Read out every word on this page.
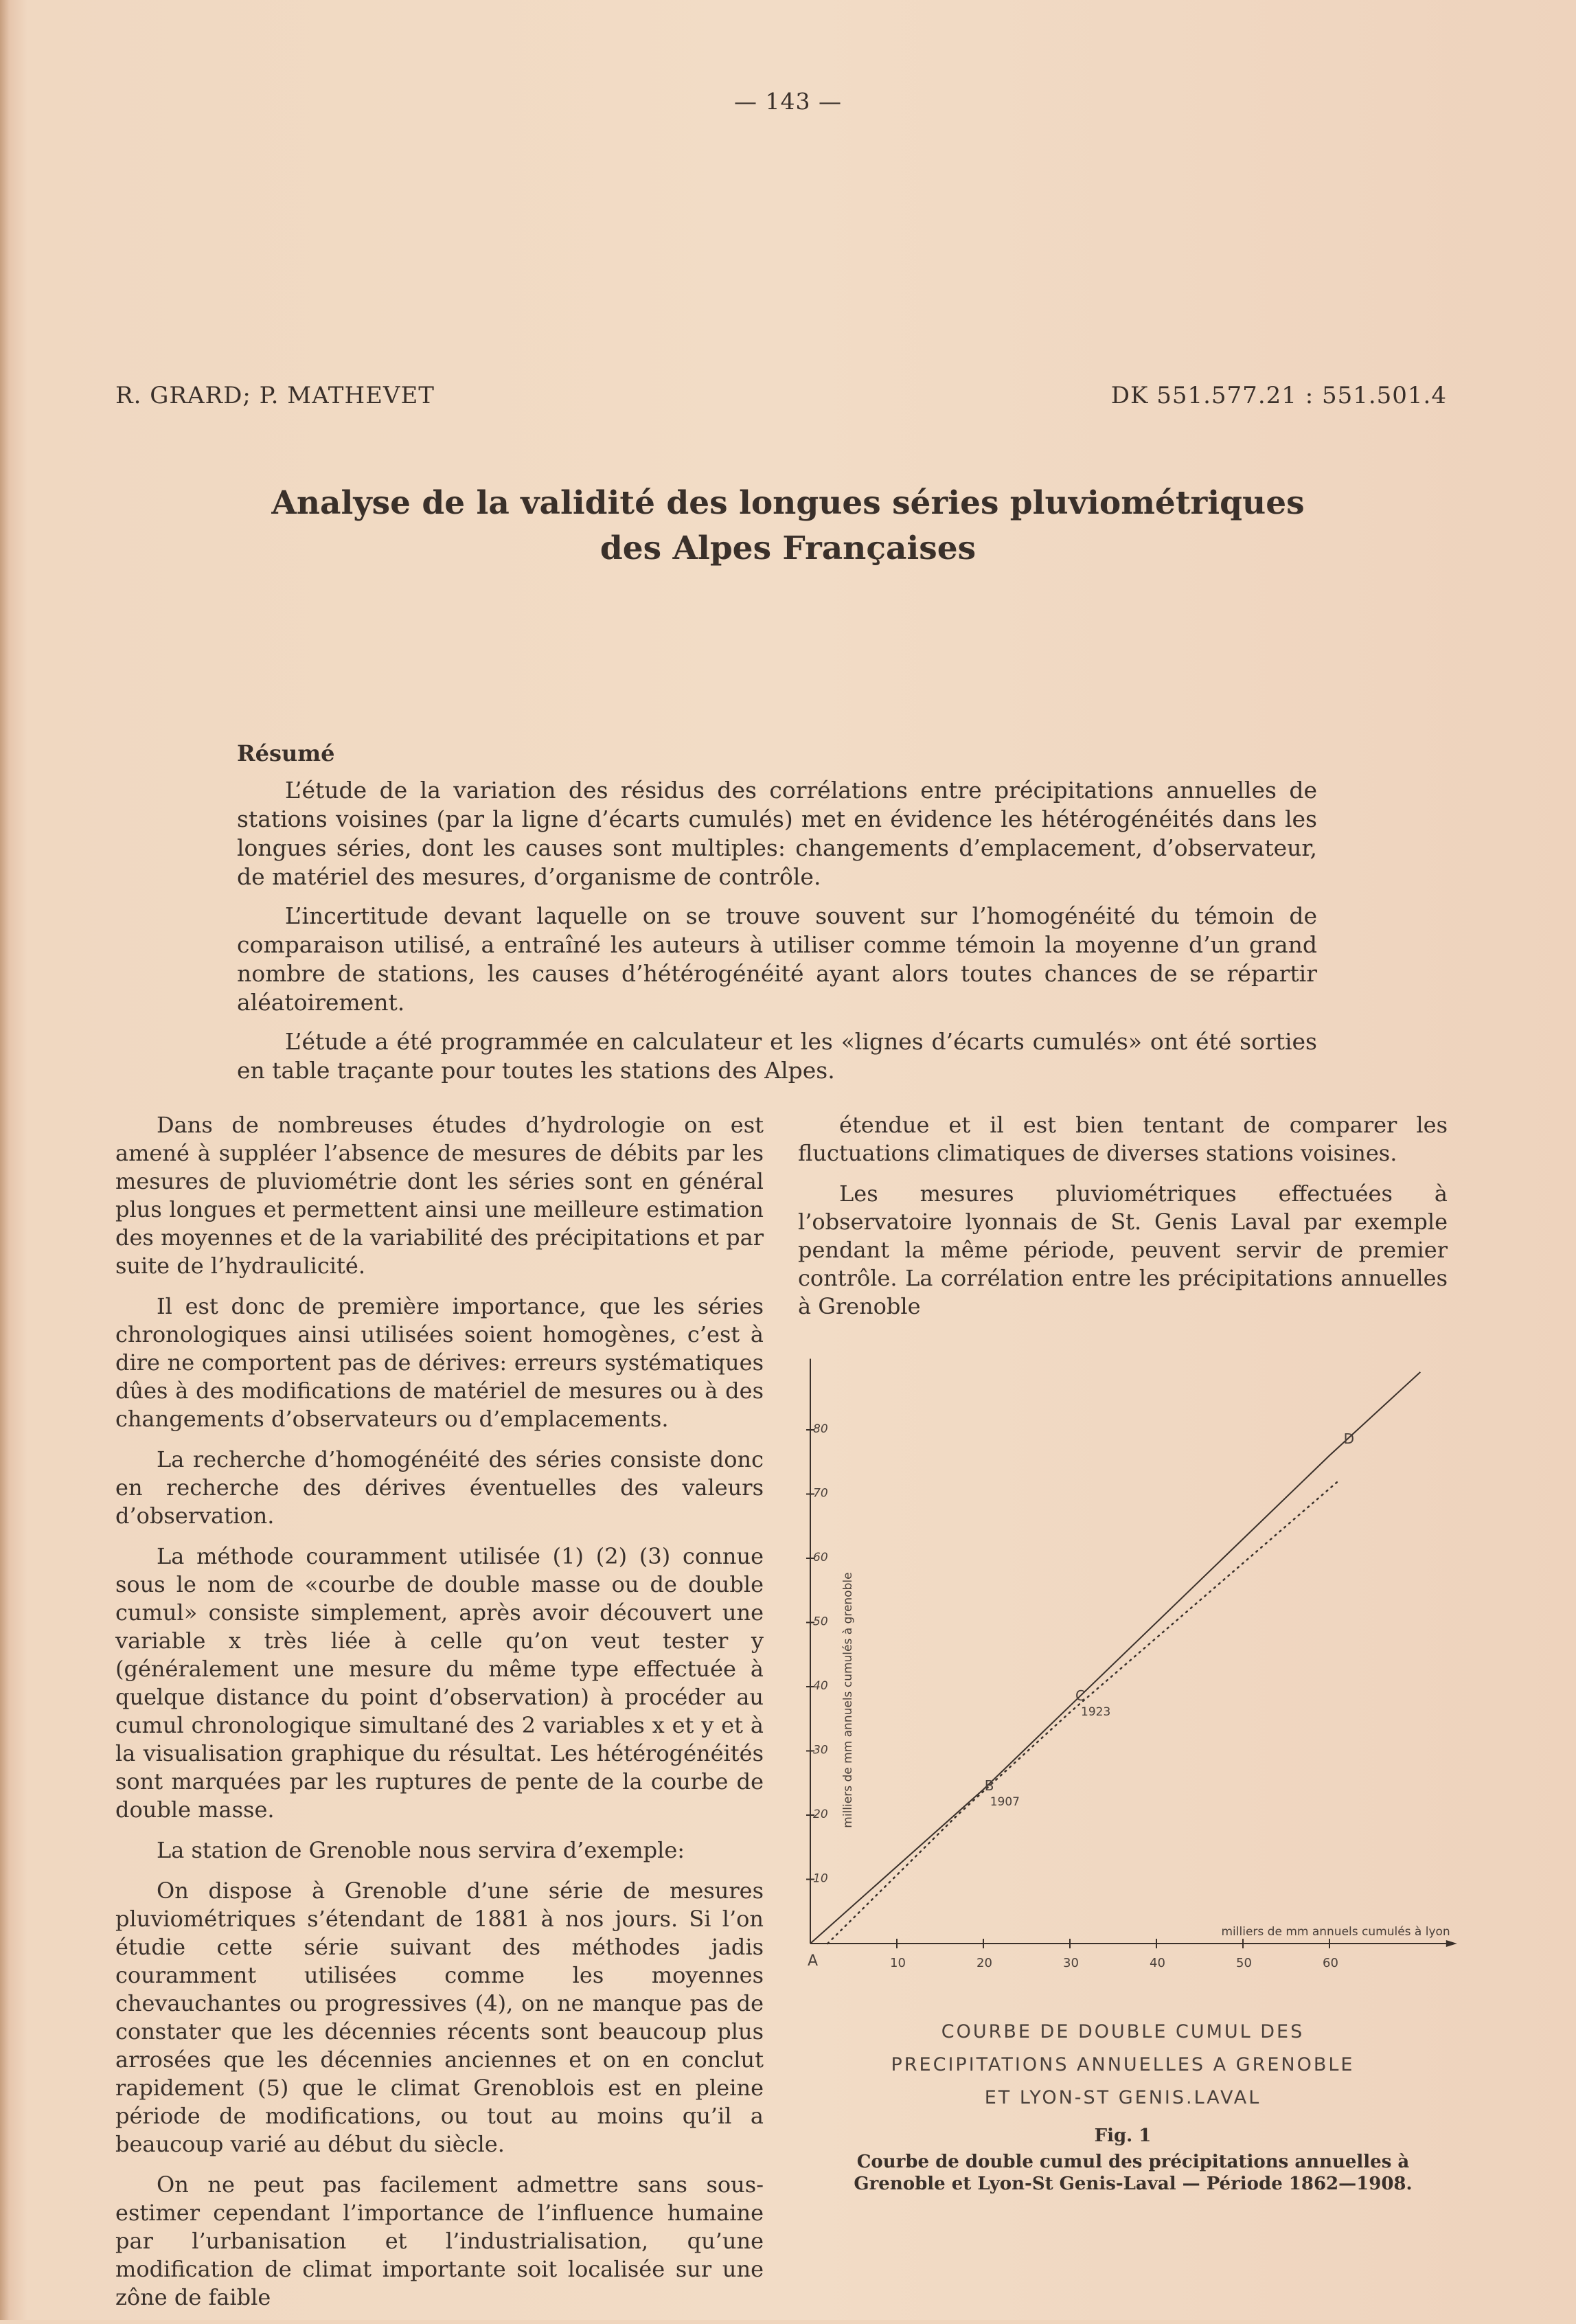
— 143 —
R. GRARD; P. MATHEVET	DK 551.577.21 : 551.501.4
Analyse de la validité des longues séries pluviométriques
des Alpes Françaises
Résumé

L’étude de la variation des résidus des corrélations entre précipitations annuelles de stations voisines (par la ligne d’écarts cumulés) met en évidence les hétérogénéités dans les longues séries, dont les causes sont multiples: changements d’emplacement, d’observateur, de matériel des mesures, d’organisme de contrôle.

L’incertitude devant laquelle on se trouve souvent sur l’homogénéité du témoin de comparaison utilisé, a entraîné les auteurs à utiliser comme témoin la moyenne d’un grand nombre de stations, les causes d’hétérogénéité ayant alors toutes chances de se répartir aléatoirement.

L’étude a été programmée en calculateur et les «lignes d’écarts cumulés» ont été sorties en table traçante pour toutes les stations des Alpes.

Dans de nombreuses études d’hydrologie on est amené à suppléer l’absence de mesures de débits par les mesures de pluviométrie dont les séries sont en général plus longues et permettent ainsi une meilleure estimation des moyennes et de la variabilité des précipitations et par suite de l’hydraulicité.

Il est donc de première importance, que les séries chronologiques ainsi utilisées soient homogènes, c’est à dire ne comportent pas de dérives: erreurs systématiques dûes à des modifications de matériel de mesures ou à des changements d’observateurs ou d’emplacements.

La recherche d’homogénéité des séries consiste donc en recherche des dérives éventuelles des valeurs d’observation.

La méthode couramment utilisée (1) (2) (3) connue sous le nom de «courbe de double masse ou de double cumul» consiste simplement, après avoir découvert une variable x très liée à celle qu’on veut tester y (généralement une mesure du même type effectuée à quelque distance du point d’observation) à procéder au cumul chronologique simultané des 2 variables x et y et à la visualisation graphique du résultat. Les hétérogénéités sont marquées par les ruptures de pente de la courbe de double masse.

La station de Grenoble nous servira d’exemple:

On dispose à Grenoble d’une série de mesures pluviométriques s’étendant de 1881 à nos jours. Si l’on étudie cette série suivant des méthodes jadis couramment utilisées comme les moyennes chevauchantes ou progressives (4), on ne manque pas de constater que les décennies récents sont beaucoup plus arrosées que les décennies anciennes et on en conclut rapidement (5) que le climat Grenoblois est en pleine période de modifications, ou tout au moins qu’il a beaucoup varié au début du siècle.

On ne peut pas facilement admettre sans sous-estimer cependant l’importance de l’influence humaine par l’urbanisation et l’industrialisation, qu’une modification de climat importante soit localisée sur une zône de faible

étendue et il est bien tentant de comparer les fluctuations climatiques de diverses stations voisines.

Les mesures pluviométriques effectuées à l’observatoire lyonnais de St. Genis Laval par exemple pendant la même période, peuvent servir de premier contrôle. La corrélation entre les précipitations annuelles à Grenoble

10
20
30
40
50
60
70
80
10	20	30	40	50	60
A
milliers de mm annuels cumulés à lyon
milliers de mm annuels cumulés à grenoble	B
1907
C
1923
D
COURBE DE DOUBLE CUMUL DES
PRECIPITATIONS ANNUELLES A GRENOBLE
ET LYON-ST GENIS.LAVAL
Fig. 1
Courbe de double cumul des précipitations annuelles à Grenoble et Lyon-St Genis-Laval — Période 1862—1908.
